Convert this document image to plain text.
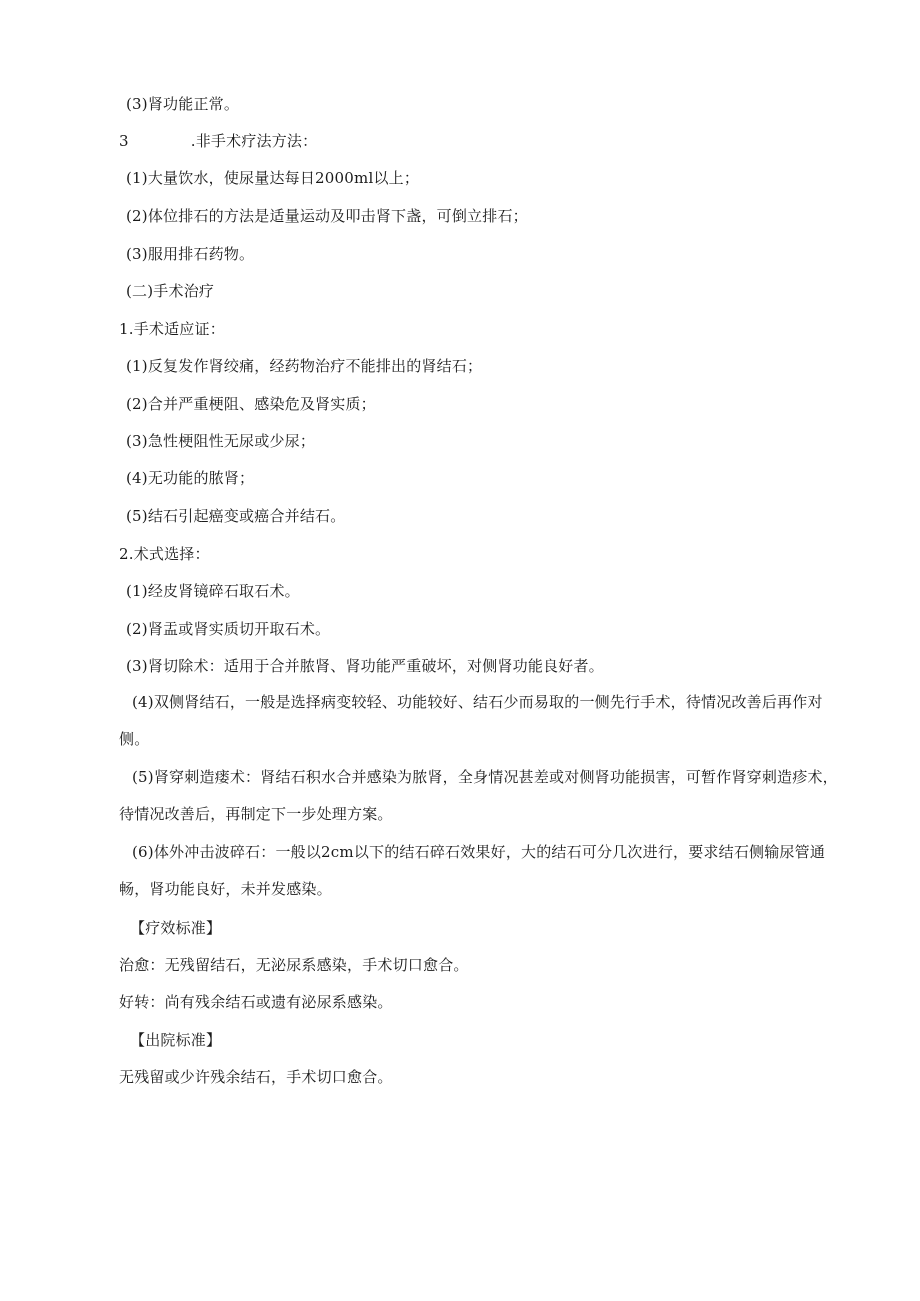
(3)肾功能正常。
3	.非手术疗法方法：
(1)大量饮水，使尿量达每日2000ml以上；
(2)体位排石的方法是适量运动及叩击肾下盏，可倒立排石；
(3)服用排石药物。
(二)手术治疗
1.手术适应证：
(1)反复发作肾绞痛，经药物治疗不能排出的肾结石；
(2)合并严重梗阻、感染危及肾实质；
(3)急性梗阻性无尿或少尿；
(4)无功能的脓肾；
(5)结石引起癌变或癌合并结石。
2.术式选择：
(1)经皮肾镜碎石取石术。
(2)肾盂或肾实质切开取石术。
(3)肾切除术：适用于合并脓肾、肾功能严重破坏，对侧肾功能良好者。
(4)双侧肾结石，一般是选择病变较轻、功能较好、结石少而易取的一侧先行手术，待情况改善后再作对侧。
(5)肾穿刺造瘘术：肾结石积水合并感染为脓肾，全身情况甚差或对侧肾功能损害，可暂作肾穿刺造疹术，待情况改善后，再制定下一步处理方案。
(6)体外冲击波碎石：一般以2cm以下的结石碎石效果好，大的结石可分几次进行，要求结石侧输尿管通畅，肾功能良好，未并发感染。
【疗效标准】
治愈：无残留结石，无泌尿系感染，手术切口愈合。
好转：尚有残余结石或遗有泌尿系感染。
【出院标准】
无残留或少许残余结石，手术切口愈合。
